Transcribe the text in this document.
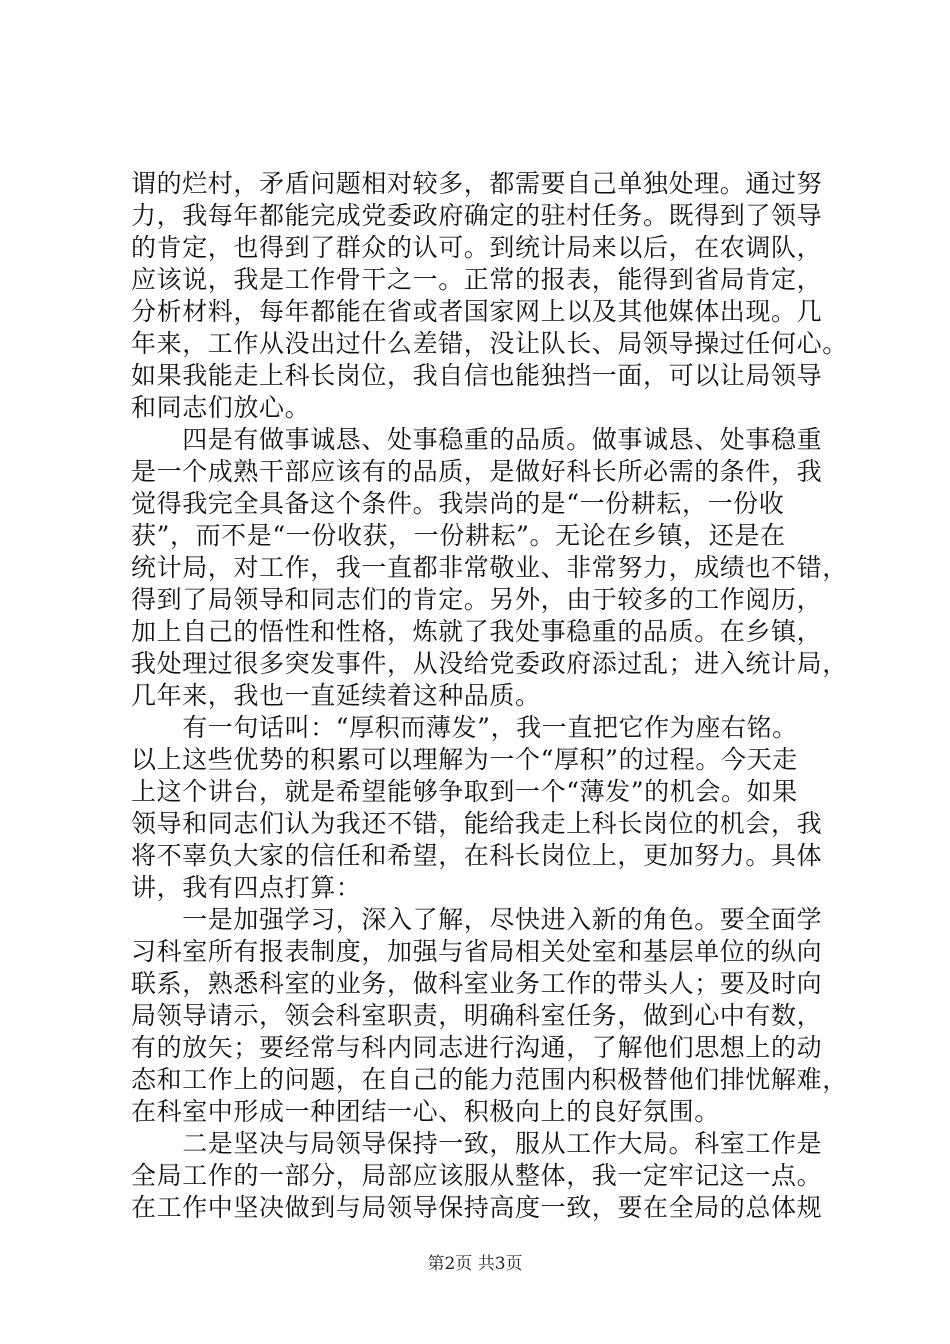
谓的烂村，矛盾问题相对较多，都需要自己单独处理。通过努
力，我每年都能完成党委政府确定的驻村任务。既得到了领导
的肯定，也得到了群众的认可。到统计局来以后，在农调队，
应该说，我是工作骨干之一。正常的报表，能得到省局肯定，
分析材料，每年都能在省或者国家网上以及其他媒体出现。几
年来，工作从没出过什么差错，没让队长、局领导操过任何心。
如果我能走上科长岗位，我自信也能独挡一面，可以让局领导
和同志们放心。
　　四是有做事诚恳、处事稳重的品质。做事诚恳、处事稳重
是一个成熟干部应该有的品质，是做好科长所必需的条件，我
觉得我完全具备这个条件。我崇尚的是“一份耕耘，一份收
获”，而不是“一份收获，一份耕耘”。无论在乡镇，还是在
统计局，对工作，我一直都非常敬业、非常努力，成绩也不错，
得到了局领导和同志们的肯定。另外，由于较多的工作阅历，
加上自己的悟性和性格，炼就了我处事稳重的品质。在乡镇，
我处理过很多突发事件，从没给党委政府添过乱；进入统计局，
几年来，我也一直延续着这种品质。
　　有一句话叫：“厚积而薄发”，我一直把它作为座右铭。
以上这些优势的积累可以理解为一个“厚积”的过程。今天走
上这个讲台，就是希望能够争取到一个“薄发”的机会。如果
领导和同志们认为我还不错，能给我走上科长岗位的机会，我
将不辜负大家的信任和希望，在科长岗位上，更加努力。具体
讲，我有四点打算：
　　一是加强学习，深入了解，尽快进入新的角色。要全面学
习科室所有报表制度，加强与省局相关处室和基层单位的纵向
联系，熟悉科室的业务，做科室业务工作的带头人；要及时向
局领导请示，领会科室职责，明确科室任务，做到心中有数，
有的放矢；要经常与科内同志进行沟通，了解他们思想上的动
态和工作上的问题，在自己的能力范围内积极替他们排忧解难，
在科室中形成一种团结一心、积极向上的良好氛围。
　　二是坚决与局领导保持一致，服从工作大局。科室工作是
全局工作的一部分，局部应该服从整体，我一定牢记这一点。
在工作中坚决做到与局领导保持高度一致，要在全局的总体规
第2页 共3页
